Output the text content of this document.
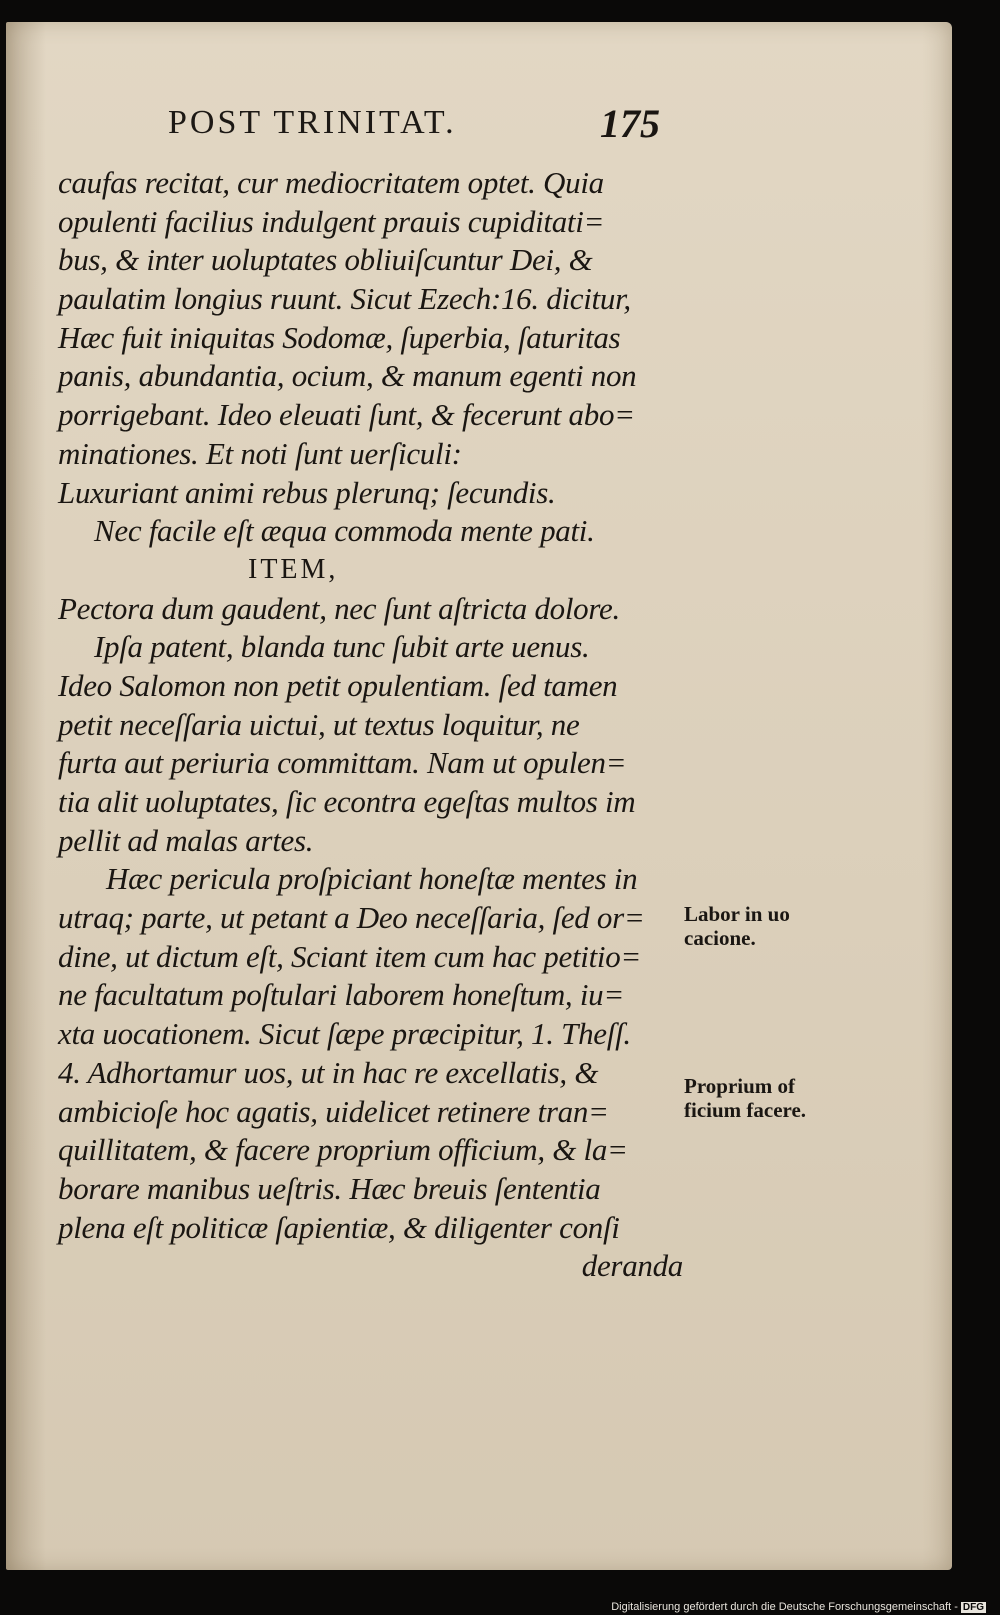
POST TRINITAT.	175
caufas recitat, cur mediocritatem optet. Quia
opulenti facilius indulgent prauis cupiditati=
bus, & inter uoluptates obliuiſcuntur Dei, &
paulatim longius ruunt. Sicut Ezech:16. dicitur,
Hæc fuit iniquitas Sodomæ, ſuperbia, ſaturitas
panis, abundantia, ocium, & manum egenti non
porrigebant. Ideo eleuati ſunt, & fecerunt abo=
minationes. Et noti ſunt uerſiculi:
Luxuriant animi rebus plerunq; ſecundis.
Nec facile eſt æqua commoda mente pati.
ITEM,
Pectora dum gaudent, nec ſunt aſtricta dolore.
Ipſa patent, blanda tunc ſubit arte uenus.
Ideo Salomon non petit opulentiam. ſed tamen
petit neceſſaria uictui, ut textus loquitur, ne
furta aut periuria committam. Nam ut opulen=
tia alit uoluptates, ſic econtra egeſtas multos im
pellit ad malas artes.
Hæc pericula proſpiciant honeſtæ mentes in
utraq; parte, ut petant a Deo neceſſaria, ſed or=
dine, ut dictum eſt, Sciant item cum hac petitio=
ne facultatum poſtulari laborem honeſtum, iu=
xta uocationem. Sicut ſæpe præcipitur, 1. Theſſ.
4. Adhortamur uos, ut in hac re excellatis, &
ambicioſe hoc agatis, uidelicet retinere tran=
quillitatem, & facere proprium officium, & la=
borare manibus ueſtris. Hæc breuis ſententia
plena eſt politicæ ſapientiæ, & diligenter conſi
deranda
Labor in uo cacione.
Proprium of ficium facere.
Digitalisierung gefördert durch die Deutsche Forschungsgemeinschaft - DFG
